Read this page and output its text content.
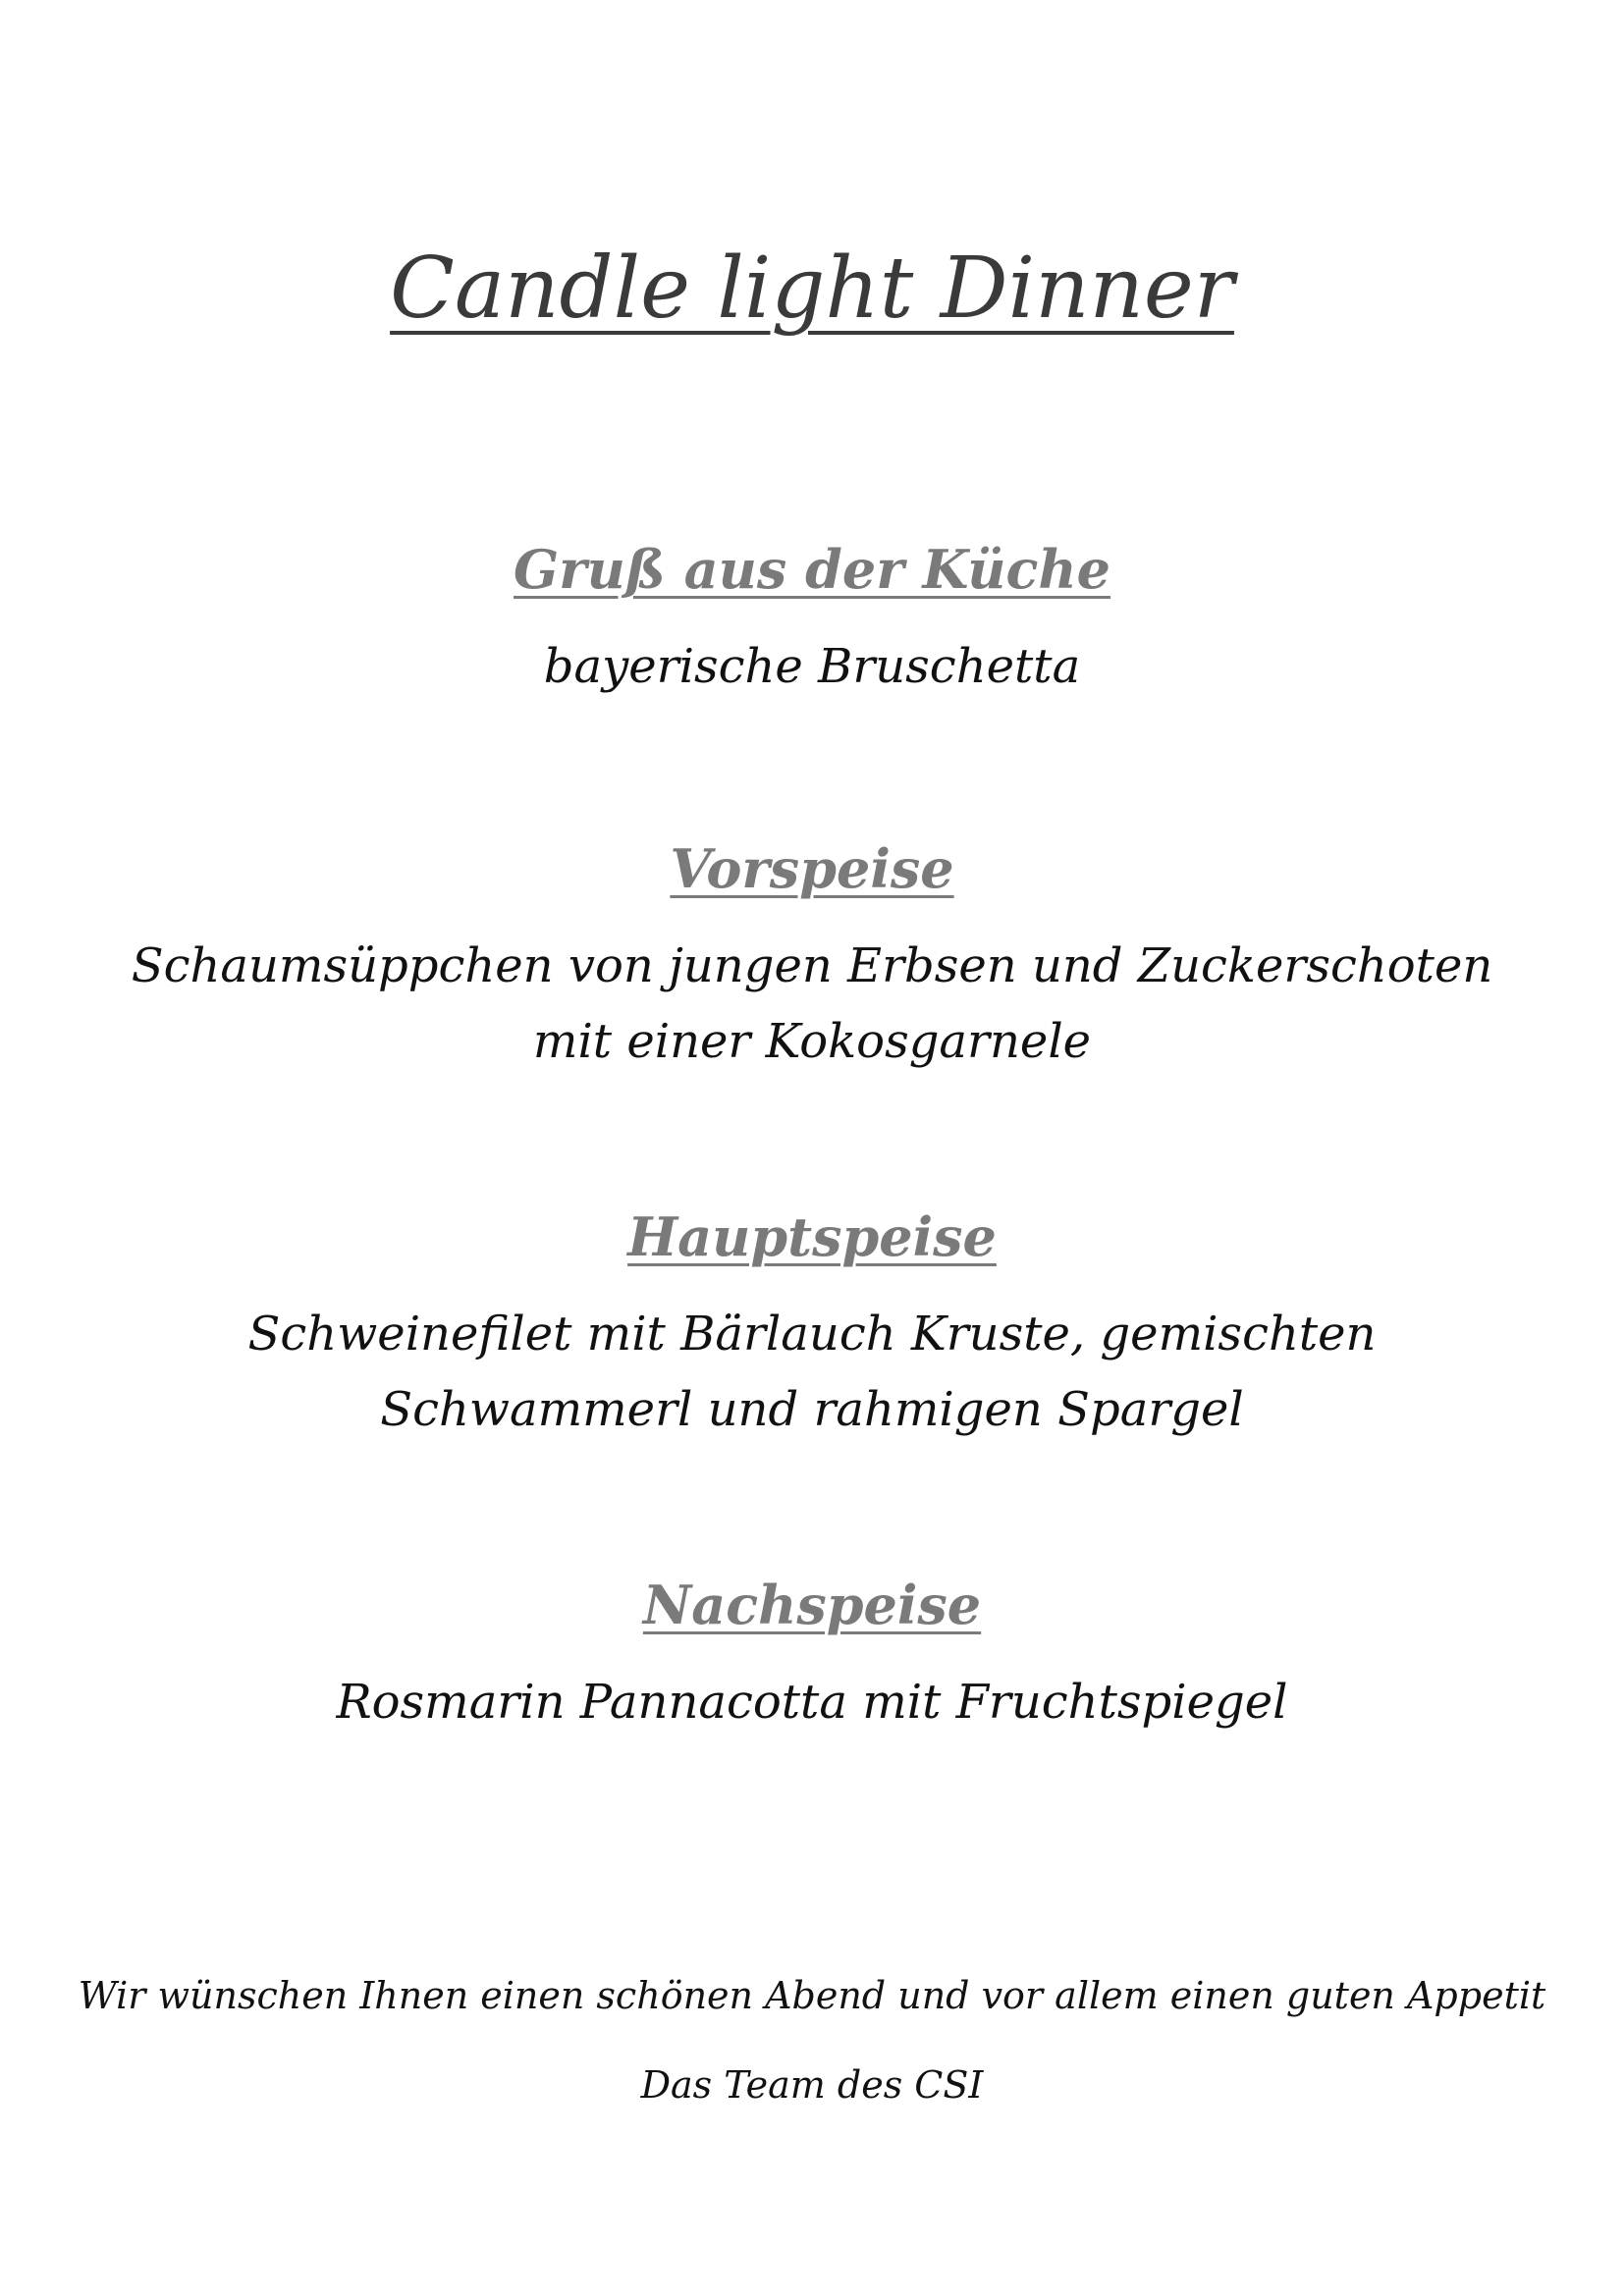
Candle light Dinner
Gruß aus der Küche

bayerische Bruschetta

Vorspeise

Schaumsüppchen von jungen Erbsen und Zuckerschoten mit einer Kokosgarnele

Hauptspeise

Schweinefilet mit Bärlauch Kruste, gemischten Schwammerl und rahmigen Spargel

Nachspeise

Rosmarin Pannacotta mit Fruchtspiegel

Wir wünschen Ihnen einen schönen Abend und vor allem einen guten Appetit

Das Team des CSI
